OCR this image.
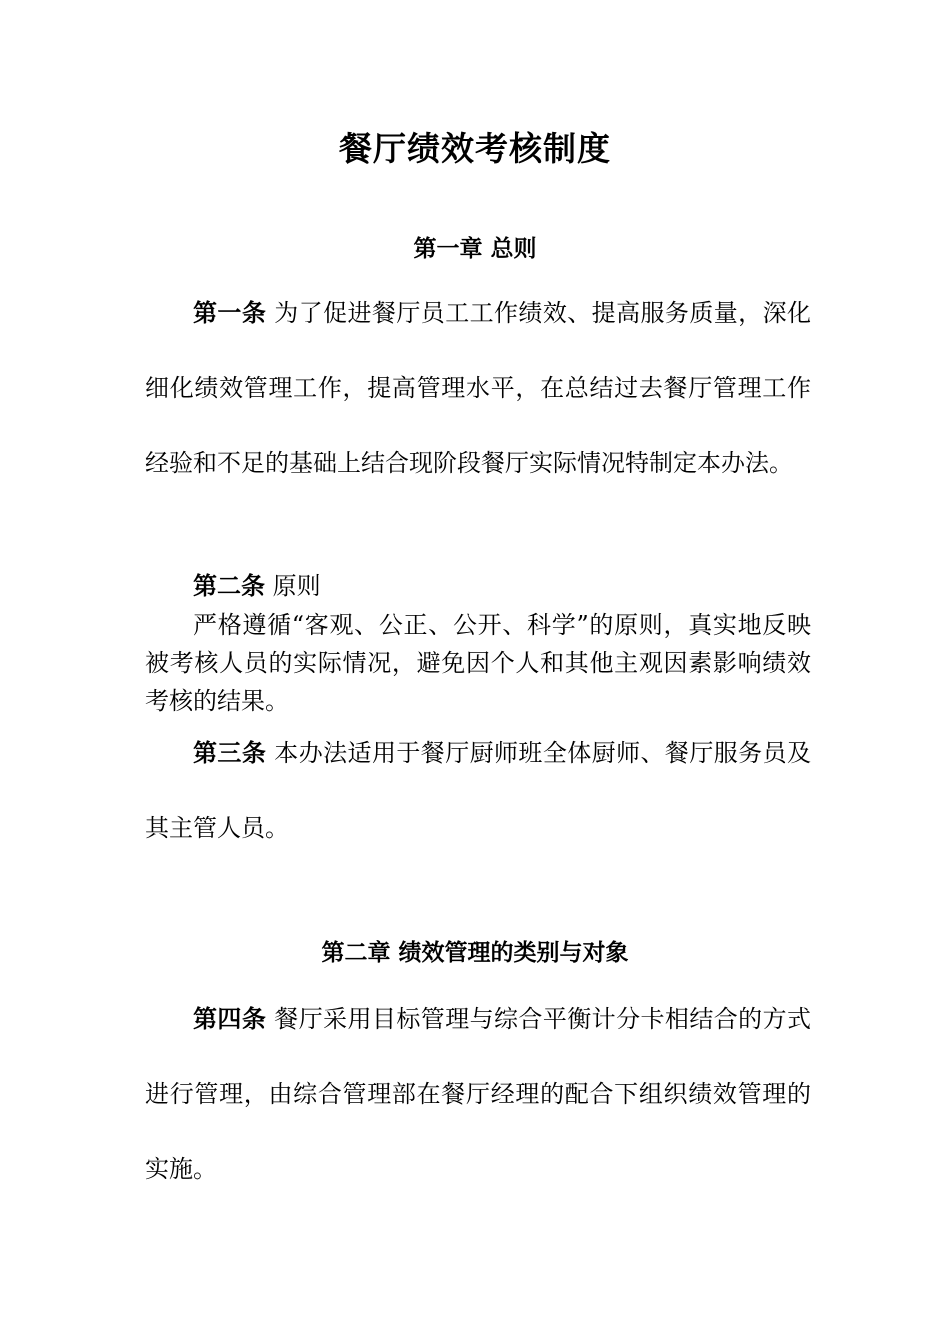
餐厅绩效考核制度
第一章 总则

第一条 为了促进餐厅员工工作绩效、提高服务质量，深化细化绩效管理工作，提高管理水平，在总结过去餐厅管理工作经验和不足的基础上结合现阶段餐厅实际情况特制定本办法。

第二条 原则

严格遵循“客观、公正、公开、科学”的原则，真实地反映被考核人员的实际情况，避免因个人和其他主观因素影响绩效考核的结果。

第三条 本办法适用于餐厅厨师班全体厨师、餐厅服务员及其主管人员。

第二章 绩效管理的类别与对象

第四条 餐厅采用目标管理与综合平衡计分卡相结合的方式进行管理，由综合管理部在餐厅经理的配合下组织绩效管理的实施。
